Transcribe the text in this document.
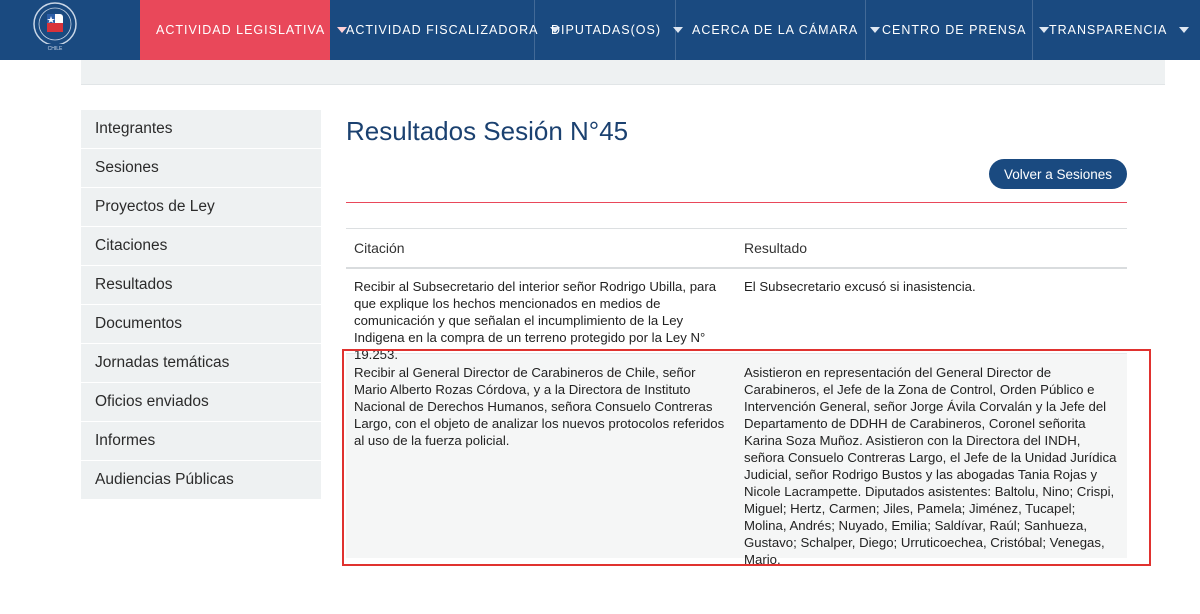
CHILE
ACTIVIDAD LEGISLATIVA ACTIVIDAD FISCALIZADORA DIPUTADAS(OS) ACERCA DE LA CÁMARA CENTRO DE PRENSA TRANSPARENCIA
Integrantes
Sesiones
Proyectos de Ley
Citaciones
Resultados
Documentos
Jornadas temáticas
Oficios enviados
Informes
Audiencias Públicas
Resultados Sesión N°45
Volver a Sesiones
Citación	Resultado
Recibir al Subsecretario del interior señor Rodrigo Ubilla, para que explique los hechos mencionados en medios de comunicación y que señalan el incumplimiento de la Ley Indigena en la compra de un terreno protegido por la Ley N° 19.253.
El Subsecretario excusó si inasistencia.
Recibir al General Director de Carabineros de Chile, señor Mario Alberto Rozas Córdova, y a la Directora de Instituto Nacional de Derechos Humanos, señora Consuelo Contreras Largo, con el objeto de analizar los nuevos protocolos referidos al uso de la fuerza policial.
Asistieron en representación del General Director de Carabineros, el Jefe de la Zona de Control, Orden Público e Intervención General, señor Jorge Ávila Corvalán y la Jefe del Departamento de DDHH de Carabineros, Coronel señorita Karina Soza Muñoz. Asistieron con la Directora del INDH, señora Consuelo Contreras Largo, el Jefe de la Unidad Jurídica Judicial, señor Rodrigo Bustos y las abogadas Tania Rojas y Nicole Lacrampette. Diputados asistentes: Baltolu, Nino; Crispi, Miguel; Hertz, Carmen; Jiles, Pamela; Jiménez, Tucapel; Molina, Andrés; Nuyado, Emilia; Saldívar, Raúl; Sanhueza, Gustavo; Schalper, Diego; Urruticoechea, Cristóbal; Venegas, Mario.
